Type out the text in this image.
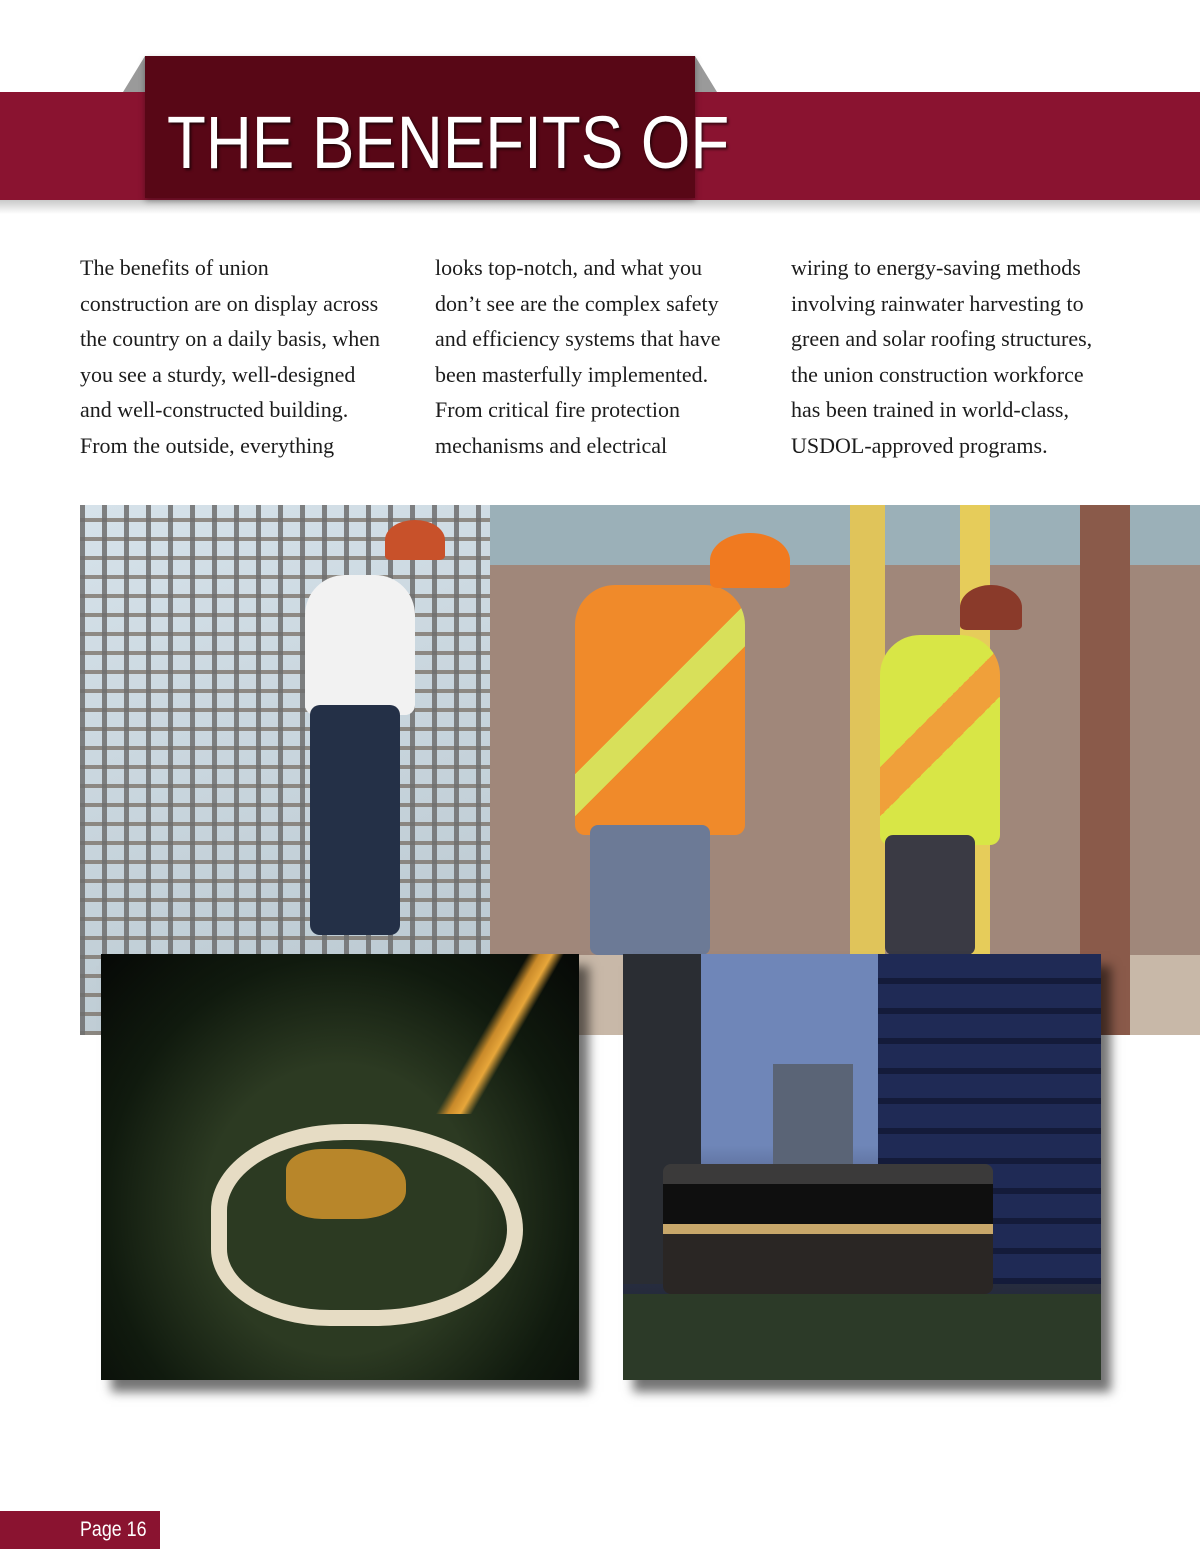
THE BENEFITS OF
The benefits of union
construction are on display across
the country on a daily basis, when
you see a sturdy, well-designed
and well-constructed building.
From the outside, everything
looks top-notch, and what you
don’t see are the complex safety
and efficiency systems that have
been masterfully implemented.
From critical fire protection
mechanisms and electrical
wiring to energy-saving methods
involving rainwater harvesting to
green and solar roofing structures,
the union construction workforce
has been trained in world-class,
USDOL-approved programs.
Page 16
